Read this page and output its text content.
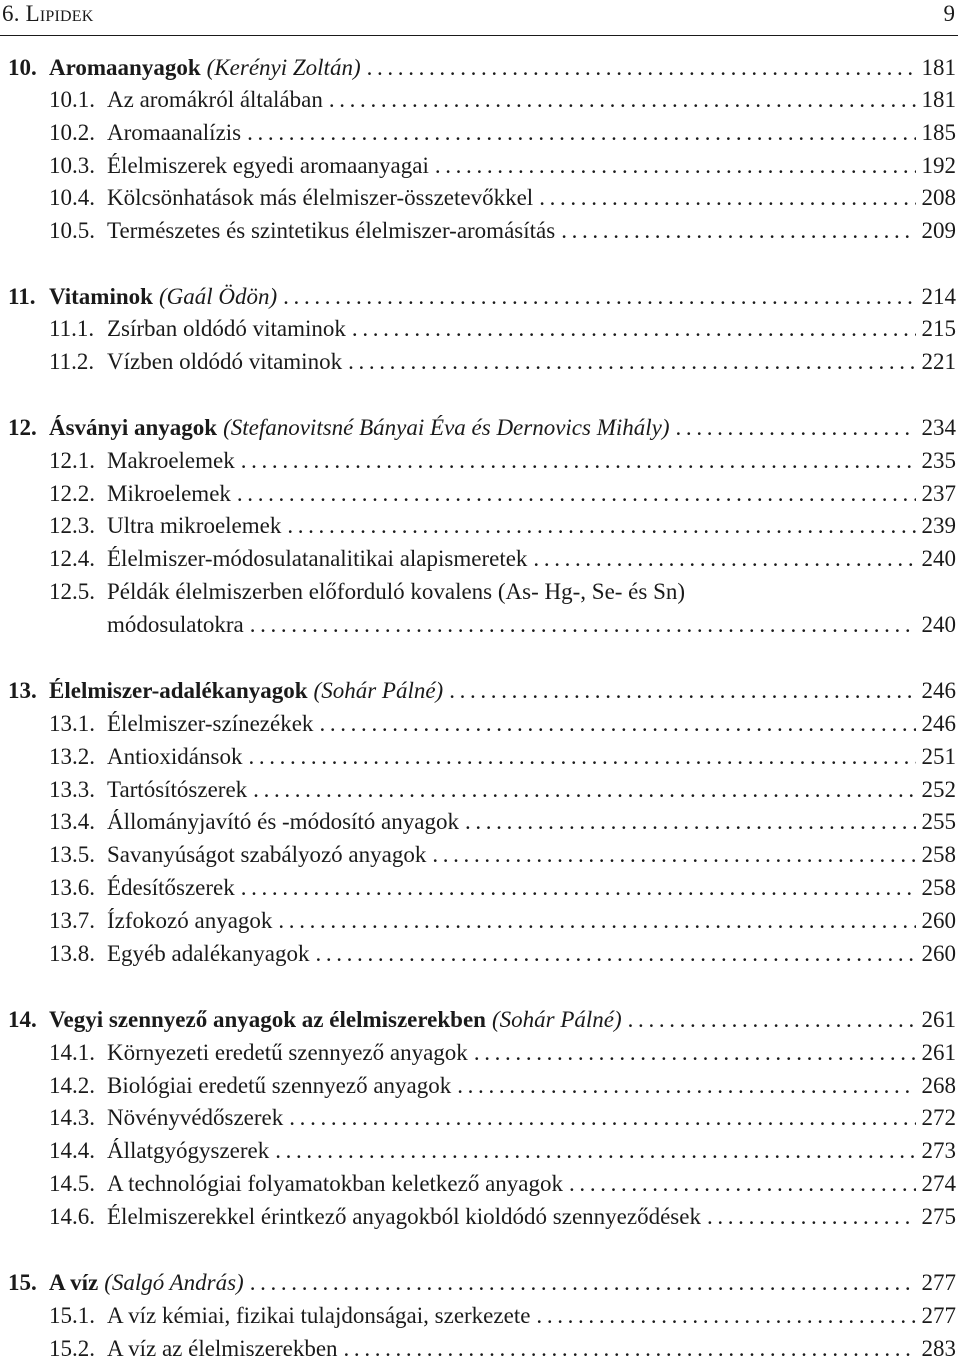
6. Lipidek	9
10. Aromaanyagok (Kerényi Zoltán) . . .	181
10.1. Az aromákról általában . . .	181
10.2. Aromaanalízis . . .	185
10.3. Élelmiszerek egyedi aromaanyagai . . .	192
10.4. Kölcsönhatások más élelmiszer-összetevőkkel . . .	208
10.5. Természetes és szintetikus élelmiszer-aromásítás . . .	209
11. Vitaminok (Gaál Ödön) . . .	214
11.1. Zsírban oldódó vitaminok . . .	215
11.2. Vízben oldódó vitaminok . . .	221
12. Ásványi anyagok (Stefanovitsné Bányai Éva és Dernovics Mihály) . . .	234
12.1. Makroelemek . . .	235
12.2. Mikroelemek . . .	237
12.3. Ultra mikroelemek . . .	239
12.4. Élelmiszer-módosulatanalitikai alapismeretek . . .	240
12.5. Példák élelmiszerben előforduló kovalens (As- Hg-, Se- és Sn)
módosulatokra . . .	240
13. Élelmiszer-adalékanyagok (Sohár Pálné) . . .	246
13.1. Élelmiszer-színezékek . . .	246
13.2. Antioxidánsok . . .	251
13.3. Tartósítószerek . . .	252
13.4. Állományjavító és -módosító anyagok . . .	255
13.5. Savanyúságot szabályozó anyagok . . .	258
13.6. Édesítőszerek . . .	258
13.7. Ízfokozó anyagok . . .	260
13.8. Egyéb adalékanyagok . . .	260
14. Vegyi szennyező anyagok az élelmiszerekben (Sohár Pálné) . . .	261
14.1. Környezeti eredetű szennyező anyagok . . .	261
14.2. Biológiai eredetű szennyező anyagok . . .	268
14.3. Növényvédőszerek . . .	272
14.4. Állatgyógyszerek . . .	273
14.5. A technológiai folyamatokban keletkező anyagok . . .	274
14.6. Élelmiszerekkel érintkező anyagokból kioldódó szennyeződések . . .	275
15. A víz (Salgó András) . . .	277
15.1. A víz kémiai, fizikai tulajdonságai, szerkezete . . .	277
15.2. A víz az élelmiszerekben . . .	283
